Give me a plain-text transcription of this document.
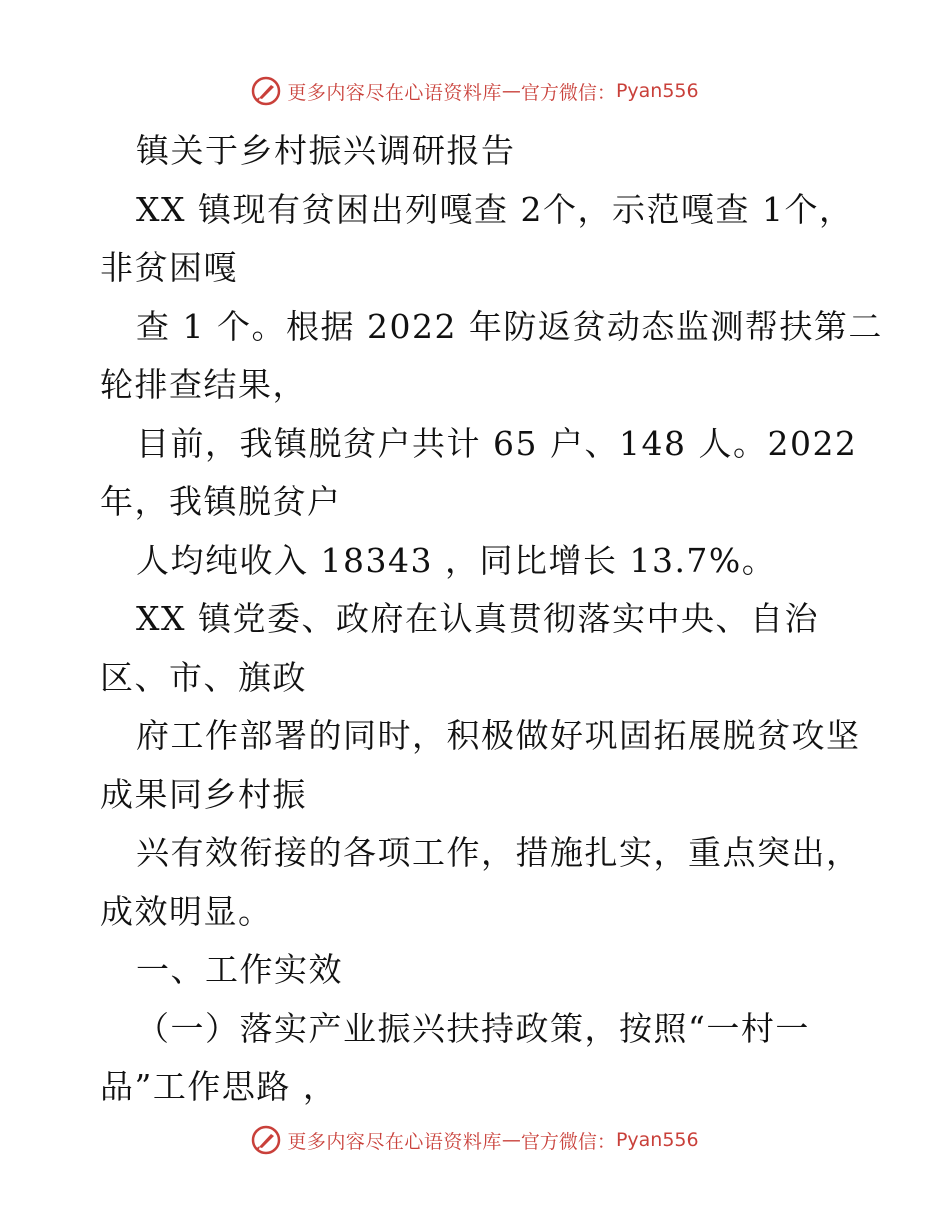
更多内容尽在心语资料库 — 官方微信： Pyan556
镇关于乡村振兴调研报告
XX 镇现有贫困出列嘎查 2个，示范嘎查 1个，
非贫困嘎
查 1 个。根据 2022 年防返贫动态监测帮扶第二
轮排查结果，
目前，我镇脱贫户共计 65 户、148 人。2022
年，我镇脱贫户
人均纯收入 18343 ，同比增长 13.7%。
XX 镇党委、政府在认真贯彻落实中央、自治
区、市、旗政
府工作部署的同时，积极做好巩固拓展脱贫攻坚
成果同乡村振
兴有效衔接的各项工作，措施扎实，重点突出，
成效明显。
一、工作实效
（一）落实产业振兴扶持政策，按照“一村一
品”工作思路 ，
更多内容尽在心语资料库 — 官方微信： Pyan556
